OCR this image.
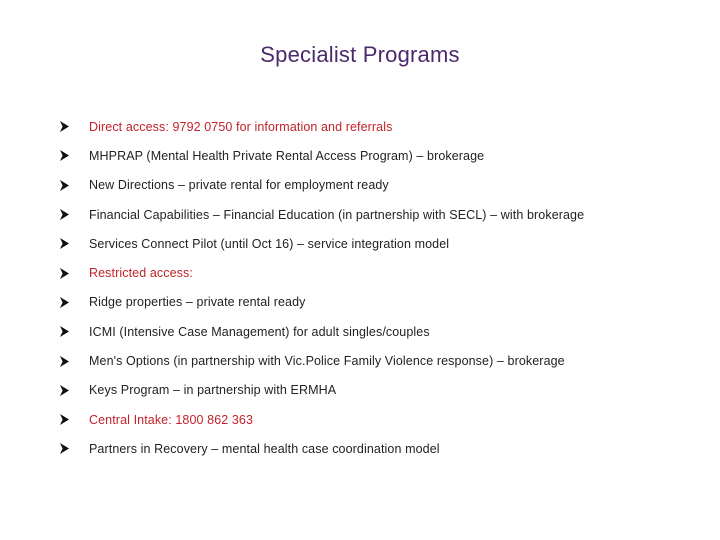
Specialist Programs
Direct access: 9792 0750 for information and referrals
MHPRAP (Mental Health Private Rental Access Program) – brokerage
New Directions – private rental for employment ready
Financial Capabilities – Financial Education (in partnership with SECL) – with brokerage
Services Connect Pilot (until Oct 16) – service integration model
Restricted access:
Ridge properties – private rental ready
ICMI (Intensive Case Management) for adult singles/couples
Men's Options (in partnership with Vic.Police Family Violence response) – brokerage
Keys Program – in partnership with ERMHA
Central Intake: 1800 862 363
Partners in Recovery – mental health case coordination model
